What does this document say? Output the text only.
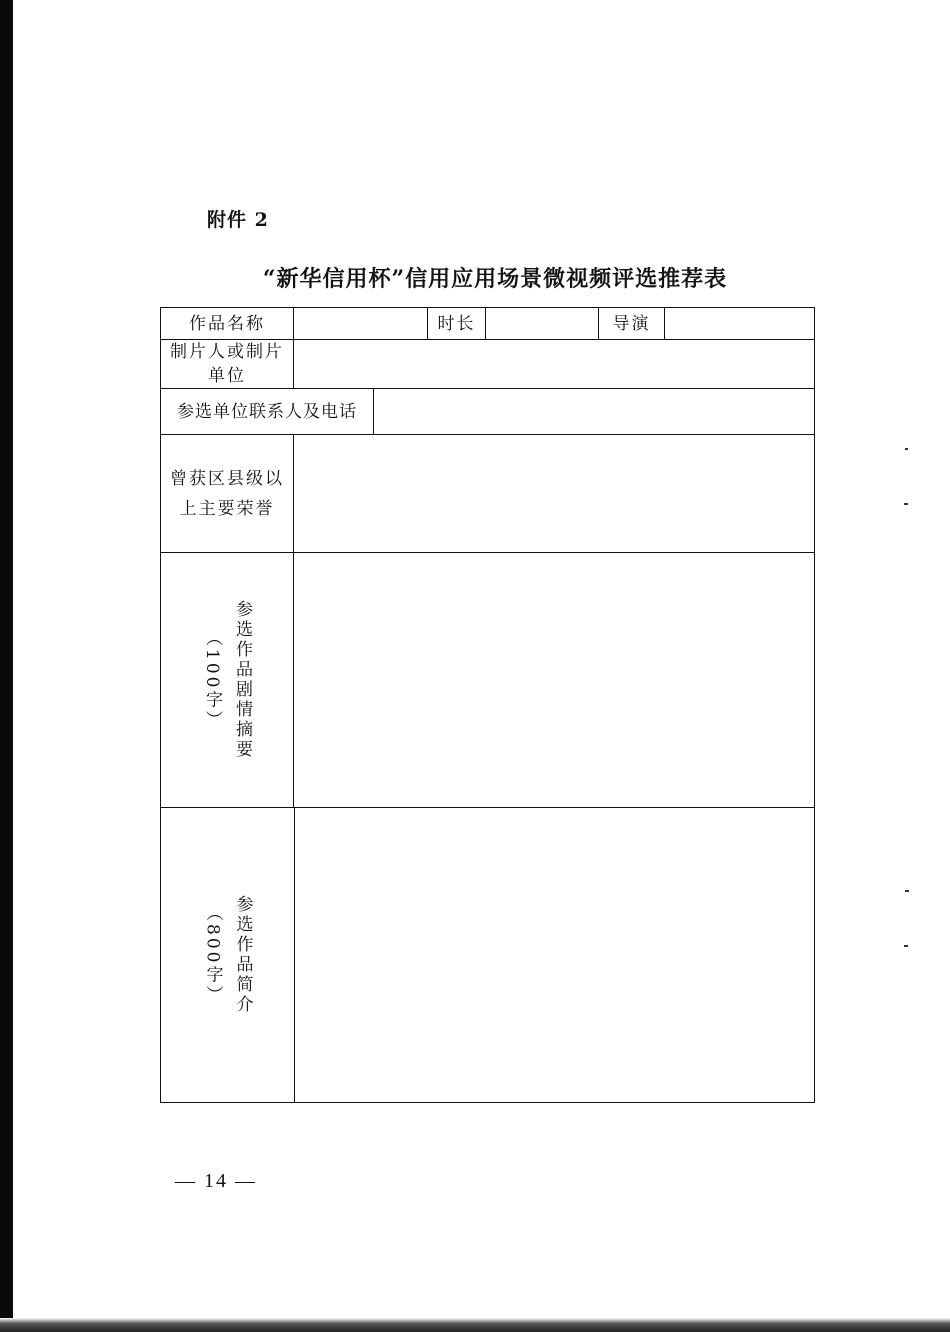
附件 2
“新华信用杯”信用应用场景微视频评选推荐表
作品名称	时长	导演
制片人或制片
单位
参选单位联系人及电话
曾获区县级以
上主要荣誉
参选作品剧情摘要
（100字）
参选作品简介
（800字）
— 14 —
